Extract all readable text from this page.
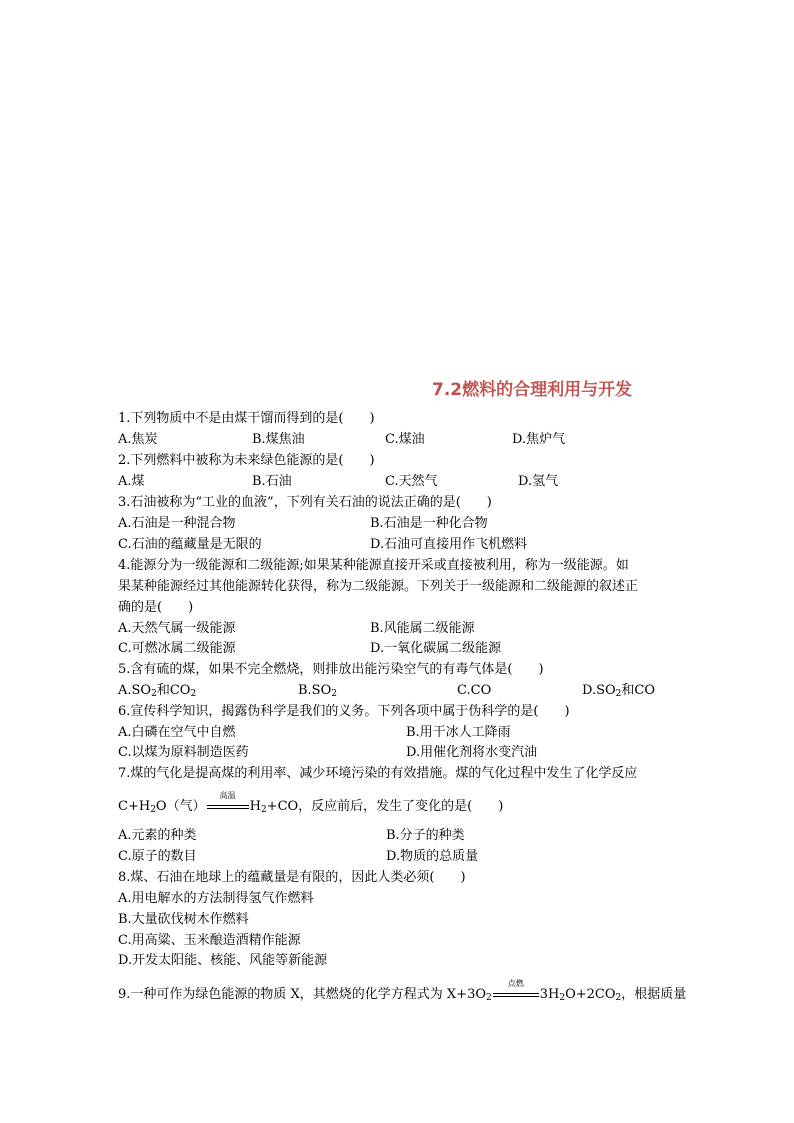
7.2燃料的合理利用与开发
1.下列物质中不是由煤干馏而得到的是(　　)
A.焦炭	B.煤焦油	C.煤油	D.焦炉气
2.下列燃料中被称为未来绿色能源的是(　　)
A.煤	B.石油	C.天然气	D.氢气
3.石油被称为“工业的血液”，下列有关石油的说法正确的是(　　)
A.石油是一种混合物	B.石油是一种化合物
C.石油的蕴藏量是无限的	D.石油可直接用作飞机燃料
4.能源分为一级能源和二级能源;如果某种能源直接开采或直接被利用，称为一级能源。如
果某种能源经过其他能源转化获得，称为二级能源。下列关于一级能源和二级能源的叙述正
确的是(　　)
A.天然气属一级能源	B.风能属二级能源
C.可燃冰属二级能源	D.一氧化碳属二级能源
5.含有硫的煤，如果不完全燃烧，则排放出能污染空气的有毒气体是(　　)
$A.SO_2$和$CO_2$	$B.SO_2$	C.CO	$D.SO_2$和CO
6.宣传科学知识，揭露伪科学是我们的义务。下列各项中属于伪科学的是(　　)
A.白磷在空气中自燃	B.用干冰人工降雨
C.以煤为原料制造医药	D.用催化剂将水变汽油
7.煤的气化是提高煤的利用率、减少环境污染的有效措施。煤的气化过程中发生了化学反应
$C+H_2O$（气）
高温
$H_2+CO$，反应前后，发生了变化的是(　　)
A.元素的种类	B.分子的种类
C.原子的数目	D.物质的总质量
8.煤、石油在地球上的蕴藏量是有限的，因此人类必须(　　)
A.用电解水的方法制得氢气作燃料
B.大量砍伐树木作燃料
C.用高粱、玉米酿造酒精作能源
D.开发太阳能、核能、风能等新能源
9.一种可作为绿色能源的物质 X，其燃烧的化学方程式为 $X+3O_2$
点燃
$3H_2O+2CO_2$，根据质量
